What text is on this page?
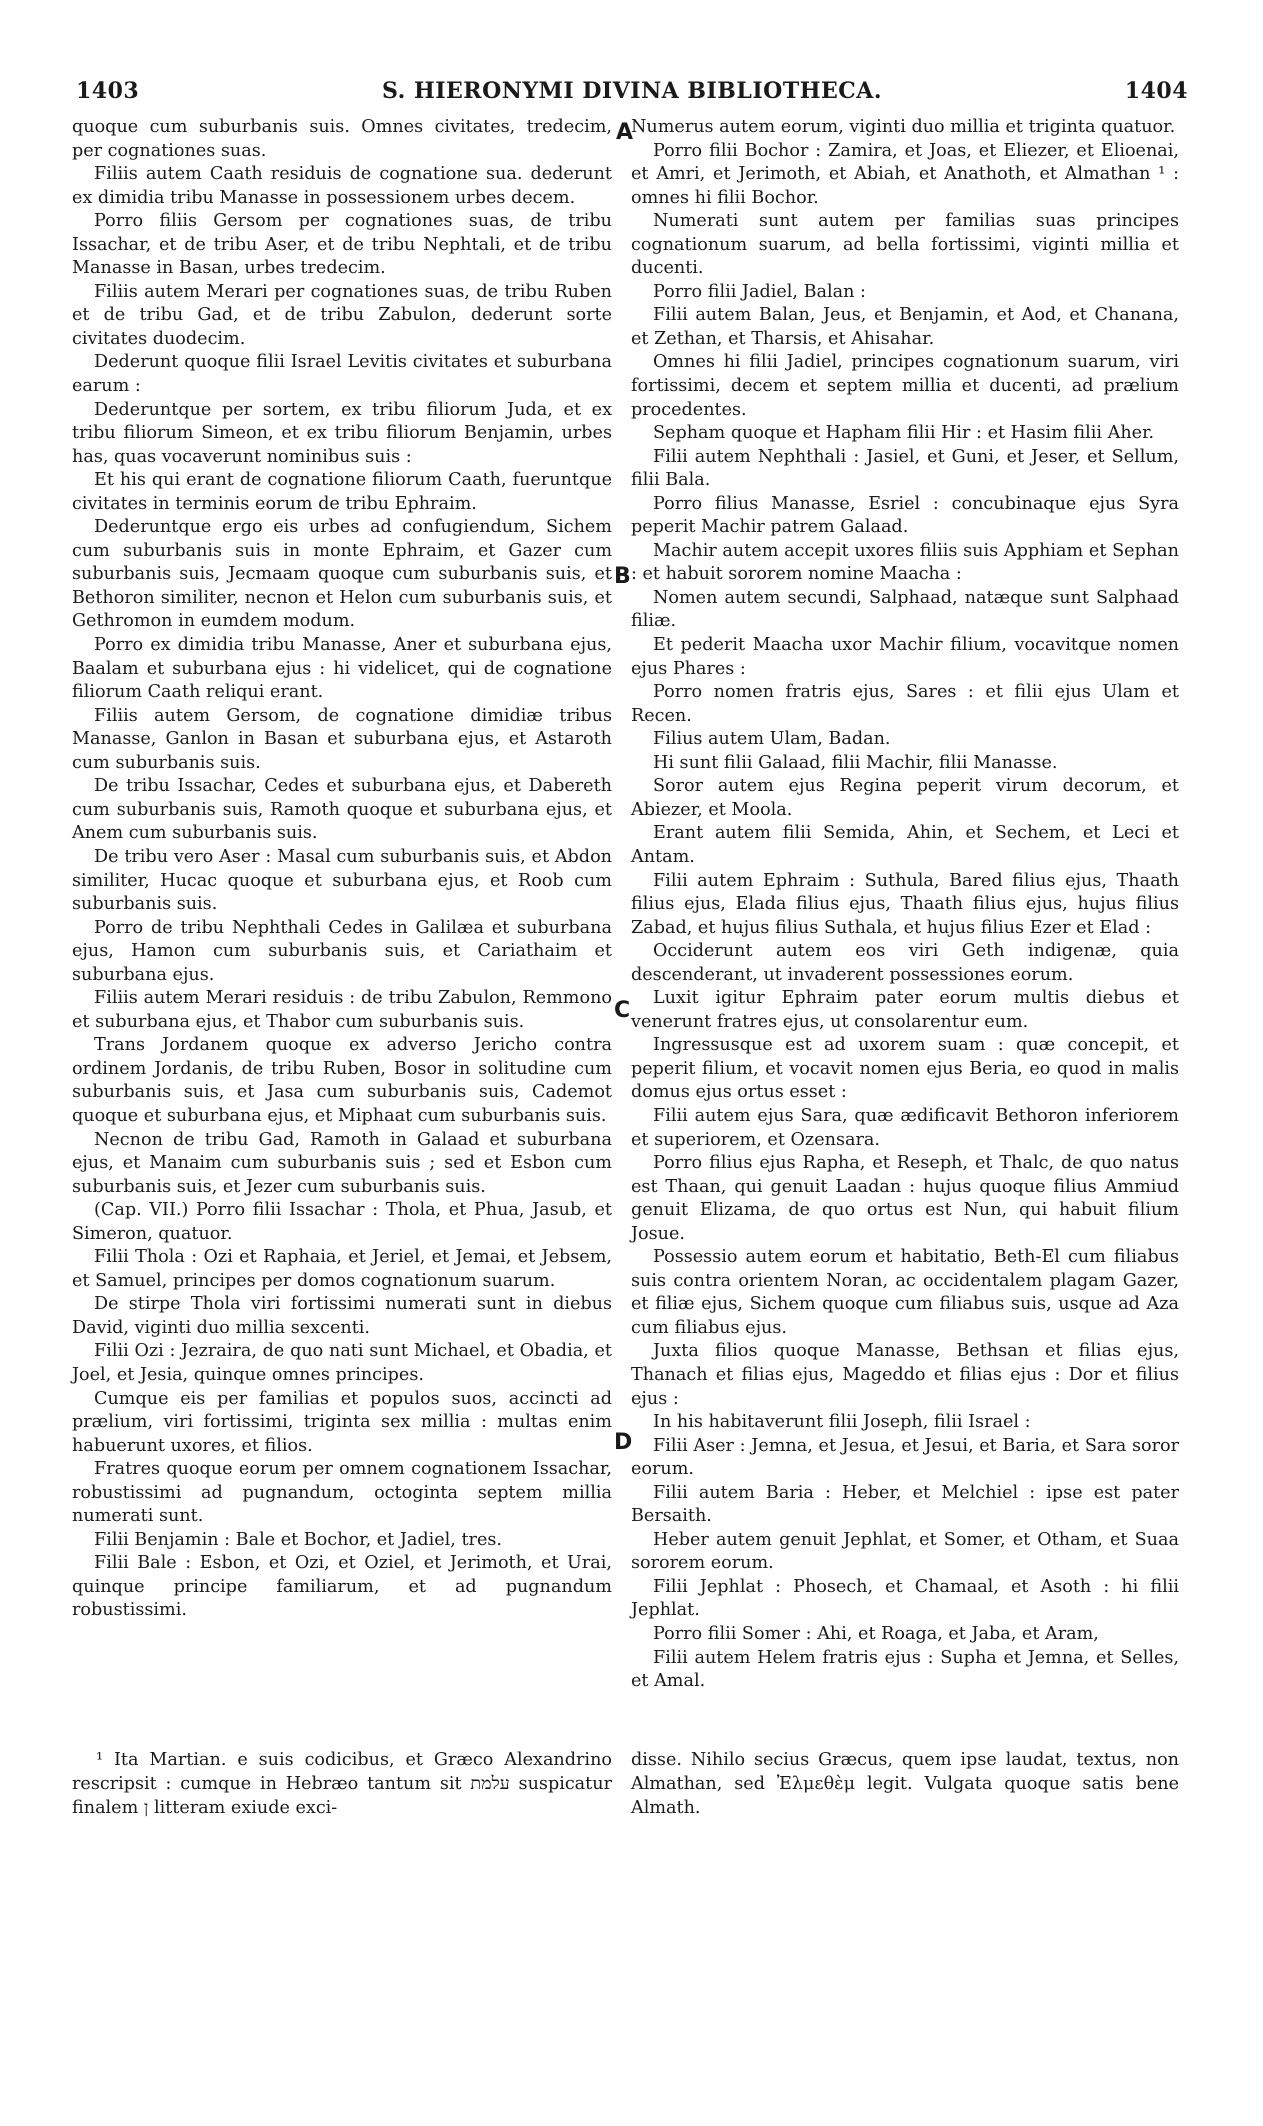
1403	S. HIERONYMI DIVINA BIBLIOTHECA.	1404
A
B
C
D

quoque cum suburbanis suis. Omnes civitates, tredecim, per cognationes suas.

Filiis autem Caath residuis de cognatione sua. dederunt ex dimidia tribu Manasse in possessionem urbes decem.

Porro filiis Gersom per cognationes suas, de tribu Issachar, et de tribu Aser, et de tribu Nephtali, et de tribu Manasse in Basan, urbes tredecim.

Filiis autem Merari per cognationes suas, de tribu Ruben et de tribu Gad, et de tribu Zabulon, dederunt sorte civitates duodecim.

Dederunt quoque filii Israel Levitis civitates et suburbana earum :

Dederuntque per sortem, ex tribu filiorum Juda, et ex tribu filiorum Simeon, et ex tribu filiorum Benjamin, urbes has, quas vocaverunt nominibus suis :

Et his qui erant de cognatione filiorum Caath, fueruntque civitates in terminis eorum de tribu Ephraim.

Dederuntque ergo eis urbes ad confugiendum, Sichem cum suburbanis suis in monte Ephraim, et Gazer cum suburbanis suis, Jecmaam quoque cum suburbanis suis, et Bethoron similiter, necnon et Helon cum suburbanis suis, et Gethromon in eumdem modum.

Porro ex dimidia tribu Manasse, Aner et suburbana ejus, Baalam et suburbana ejus : hi videlicet, qui de cognatione filiorum Caath reliqui erant.

Filiis autem Gersom, de cognatione dimidiæ tribus Manasse, Ganlon in Basan et suburbana ejus, et Astaroth cum suburbanis suis.

De tribu Issachar, Cedes et suburbana ejus, et Dabereth cum suburbanis suis, Ramoth quoque et suburbana ejus, et Anem cum suburbanis suis.

De tribu vero Aser : Masal cum suburbanis suis, et Abdon similiter, Hucac quoque et suburbana ejus, et Roob cum suburbanis suis.

Porro de tribu Nephthali Cedes in Galilæa et suburbana ejus, Hamon cum suburbanis suis, et Cariathaim et suburbana ejus.

Filiis autem Merari residuis : de tribu Zabulon, Remmono et suburbana ejus, et Thabor cum suburbanis suis.

Trans Jordanem quoque ex adverso Jericho contra ordinem Jordanis, de tribu Ruben, Bosor in solitudine cum suburbanis suis, et Jasa cum suburbanis suis, Cademot quoque et suburbana ejus, et Miphaat cum suburbanis suis.

Necnon de tribu Gad, Ramoth in Galaad et suburbana ejus, et Manaim cum suburbanis suis ; sed et Esbon cum suburbanis suis, et Jezer cum suburbanis suis.

(Cap. VII.) Porro filii Issachar : Thola, et Phua, Jasub, et Simeron, quatuor.

Filii Thola : Ozi et Raphaia, et Jeriel, et Jemai, et Jebsem, et Samuel, principes per domos cognationum suarum.

De stirpe Thola viri fortissimi numerati sunt in diebus David, viginti duo millia sexcenti.

Filii Ozi : Jezraira, de quo nati sunt Michael, et Obadia, et Joel, et Jesia, quinque omnes principes.

Cumque eis per familias et populos suos, accincti ad prælium, viri fortissimi, triginta sex millia : multas enim habuerunt uxores, et filios.

Fratres quoque eorum per omnem cognationem Issachar, robustissimi ad pugnandum, octoginta septem millia numerati sunt.

Filii Benjamin : Bale et Bochor, et Jadiel, tres.

Filii Bale : Esbon, et Ozi, et Oziel, et Jerimoth, et Urai, quinque principe familiarum, et ad pugnandum robustissimi.

Numerus autem eorum, viginti duo millia et triginta quatuor.

Porro filii Bochor : Zamira, et Joas, et Eliezer, et Elioenai, et Amri, et Jerimoth, et Abiah, et Anathoth, et Almathan ¹ : omnes hi filii Bochor.

Numerati sunt autem per familias suas principes cognationum suarum, ad bella fortissimi, viginti millia et ducenti.

Porro filii Jadiel, Balan :

Filii autem Balan, Jeus, et Benjamin, et Aod, et Chanana, et Zethan, et Tharsis, et Ahisahar.

Omnes hi filii Jadiel, principes cognationum suarum, viri fortissimi, decem et septem millia et ducenti, ad prælium procedentes.

Sepham quoque et Hapham filii Hir : et Hasim filii Aher.

Filii autem Nephthali : Jasiel, et Guni, et Jeser, et Sellum, filii Bala.

Porro filius Manasse, Esriel : concubinaque ejus Syra peperit Machir patrem Galaad.

Machir autem accepit uxores filiis suis Apphiam et Sephan : et habuit sororem nomine Maacha :

Nomen autem secundi, Salphaad, natæque sunt Salphaad filiæ.

Et pederit Maacha uxor Machir filium, vocavitque nomen ejus Phares :

Porro nomen fratris ejus, Sares : et filii ejus Ulam et Recen.

Filius autem Ulam, Badan.

Hi sunt filii Galaad, filii Machir, filii Manasse.

Soror autem ejus Regina peperit virum decorum, et Abiezer, et Moola.

Erant autem filii Semida, Ahin, et Sechem, et Leci et Antam.

Filii autem Ephraim : Suthula, Bared filius ejus, Thaath filius ejus, Elada filius ejus, Thaath filius ejus, hujus filius Zabad, et hujus filius Suthala, et hujus filius Ezer et Elad :

Occiderunt autem eos viri Geth indigenæ, quia descenderant, ut invaderent possessiones eorum.

Luxit igitur Ephraim pater eorum multis diebus et venerunt fratres ejus, ut consolarentur eum.

Ingressusque est ad uxorem suam : quæ concepit, et peperit filium, et vocavit nomen ejus Beria, eo quod in malis domus ejus ortus esset :

Filii autem ejus Sara, quæ ædificavit Bethoron inferiorem et superiorem, et Ozensara.

Porro filius ejus Rapha, et Reseph, et Thalc, de quo natus est Thaan, qui genuit Laadan : hujus quoque filius Ammiud genuit Elizama, de quo ortus est Nun, qui habuit filium Josue.

Possessio autem eorum et habitatio, Beth-El cum filiabus suis contra orientem Noran, ac occidentalem plagam Gazer, et filiæ ejus, Sichem quoque cum filiabus suis, usque ad Aza cum filiabus ejus.

Juxta filios quoque Manasse, Bethsan et filias ejus, Thanach et filias ejus, Mageddo et filias ejus : Dor et filius ejus :

In his habitaverunt filii Joseph, filii Israel :

Filii Aser : Jemna, et Jesua, et Jesui, et Baria, et Sara soror eorum.

Filii autem Baria : Heber, et Melchiel : ipse est pater Bersaith.

Heber autem genuit Jephlat, et Somer, et Otham, et Suaa sororem eorum.

Filii Jephlat : Phosech, et Chamaal, et Asoth : hi filii Jephlat.

Porro filii Somer : Ahi, et Roaga, et Jaba, et Aram,

Filii autem Helem fratris ejus : Supha et Jemna, et Selles, et Amal.

¹ Ita Martian. e suis codicibus, et Græco Alexandrino rescripsit : cumque in Hebræo tantum sit עלמת suspicatur finalem ן litteram exiude exci-

disse. Nihilo secius Græcus, quem ipse laudat, textus, non Almathan, sed Ἐλμεθὲμ legit. Vulgata quoque satis bene Almath.
